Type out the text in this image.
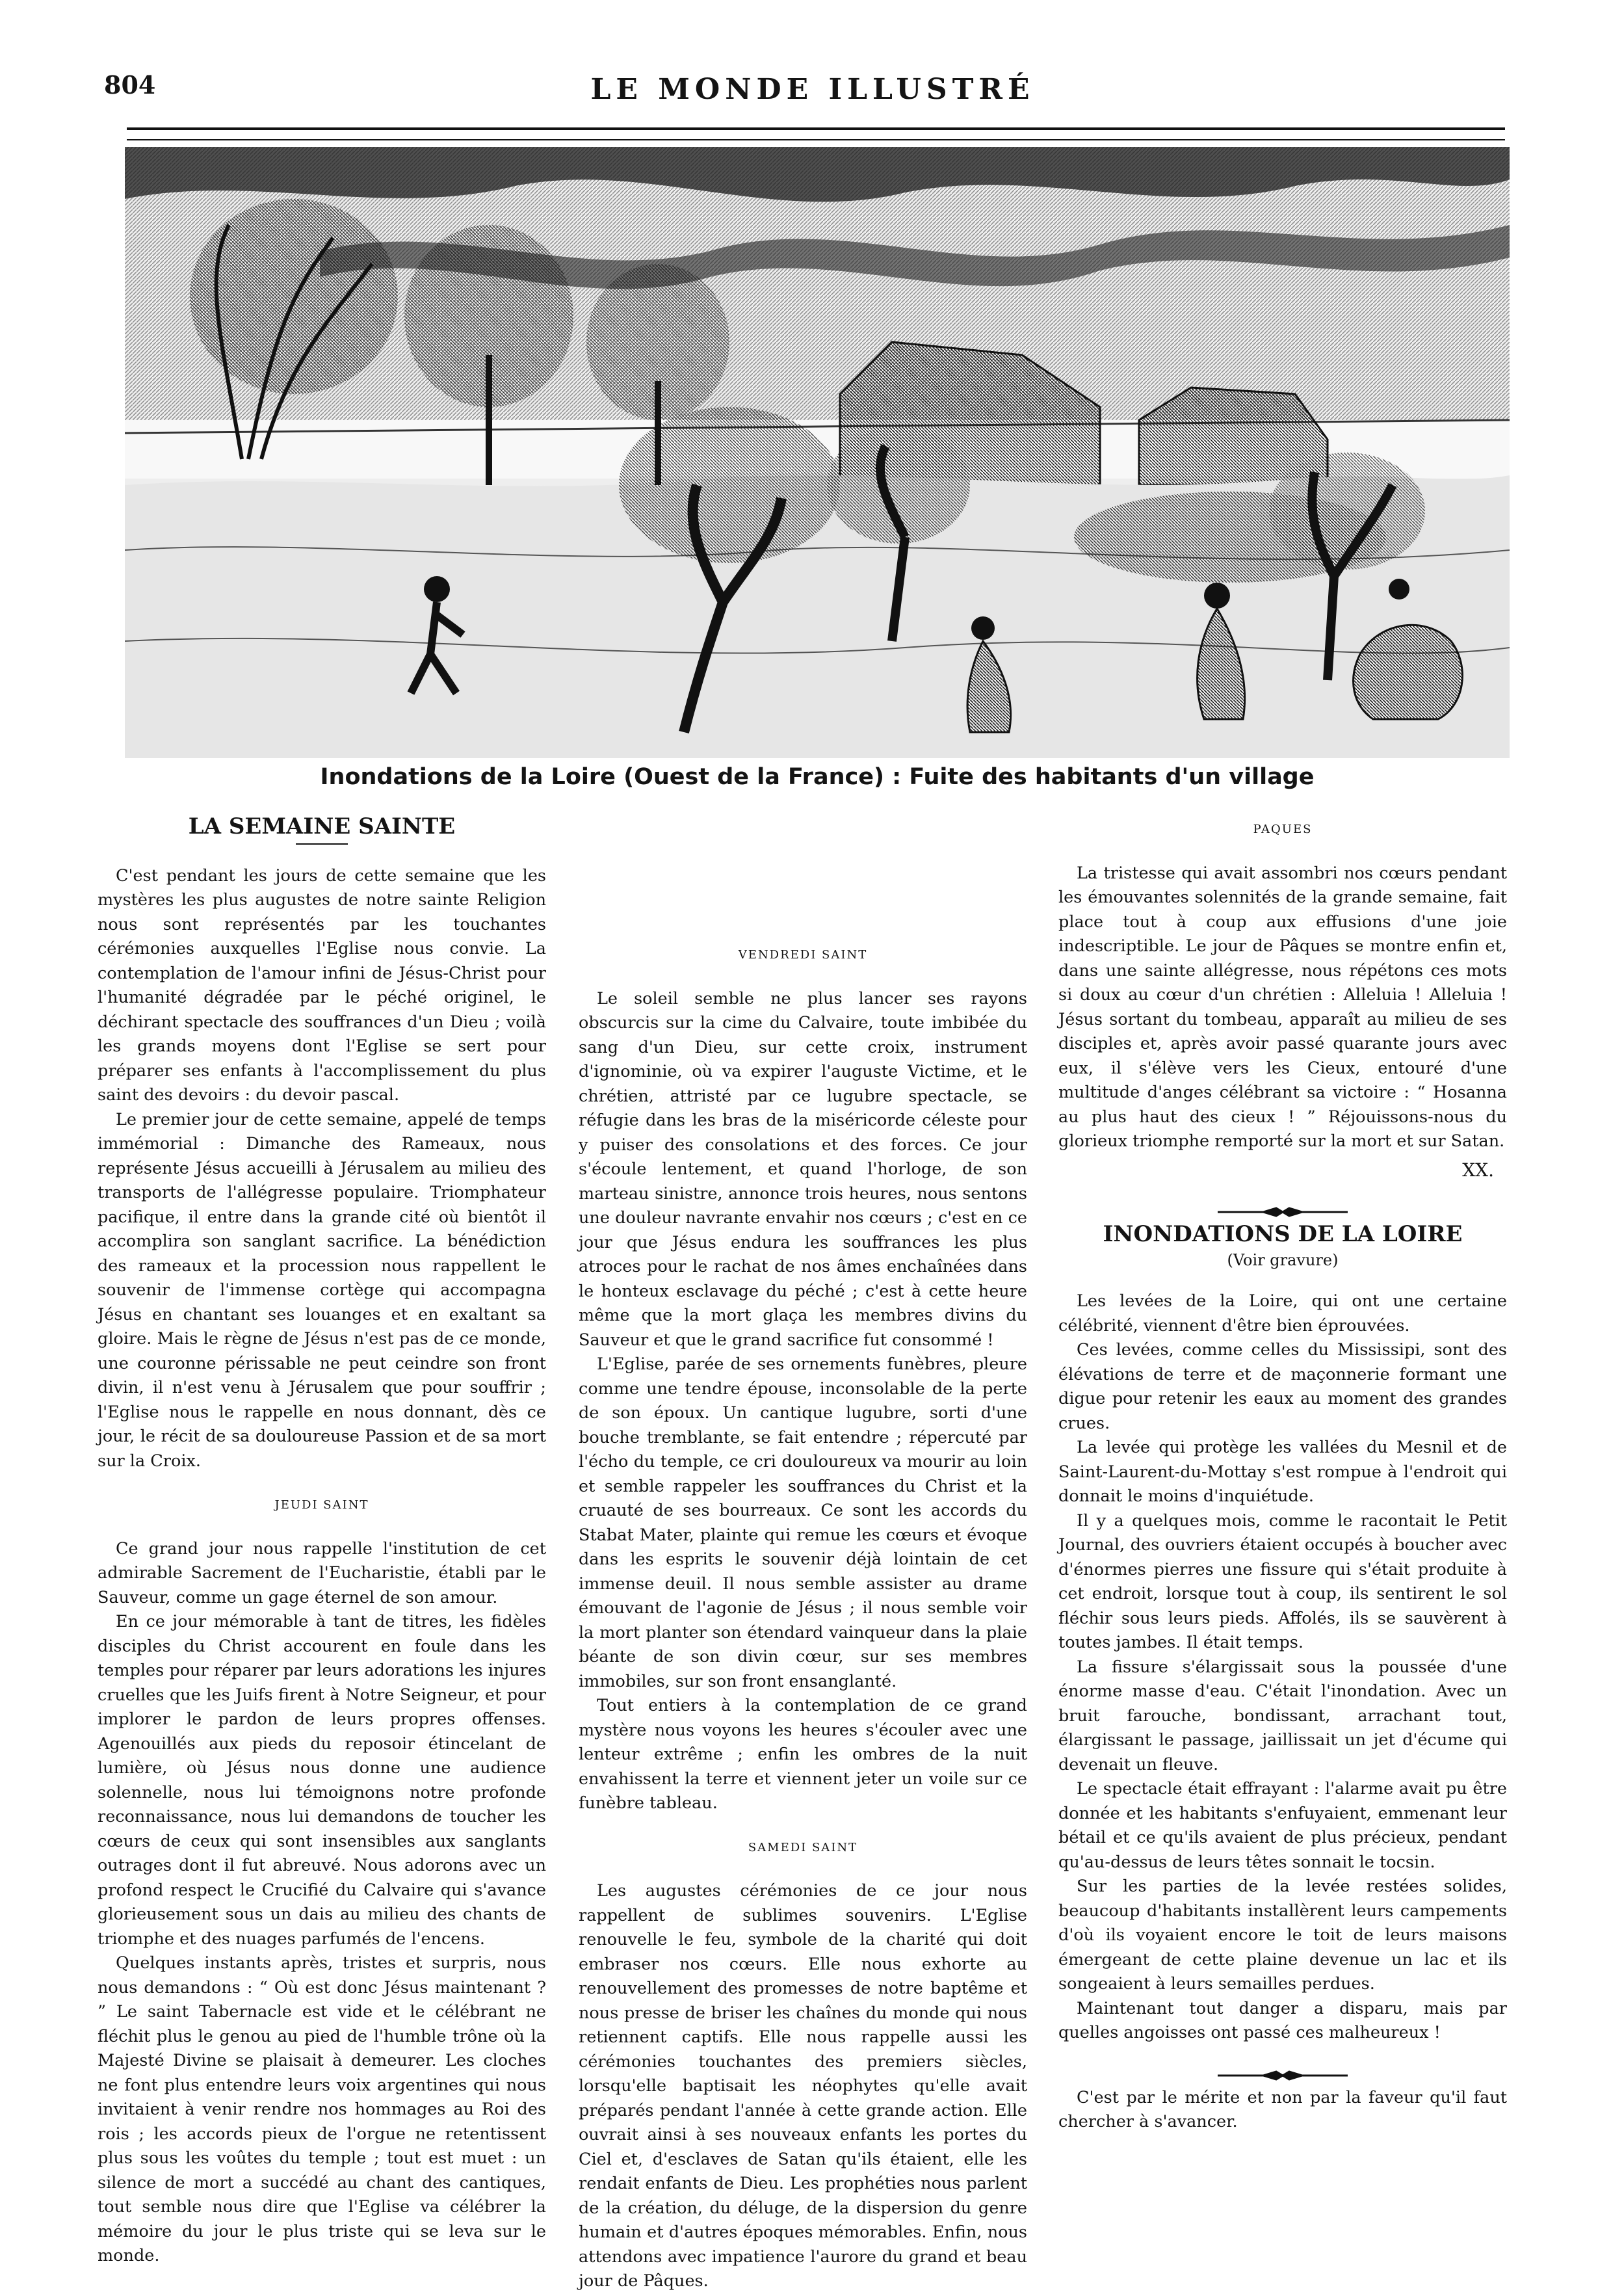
804	LE MONDE ILLUSTRÉ
Inondations de la Loire (Ouest de la France) : Fuite des habitants d'un village
LA SEMAINE SAINTE

C'est pendant les jours de cette semaine que les mystères les plus augustes de notre sainte Religion nous sont représentés par les touchantes cérémonies auxquelles l'Eglise nous convie. La contemplation de l'amour infini de Jésus-Christ pour l'humanité dégradée par le péché originel, le déchirant spectacle des souffrances d'un Dieu ; voilà les grands moyens dont l'Eglise se sert pour préparer ses enfants à l'accomplissement du plus saint des devoirs : du devoir pascal.

Le premier jour de cette semaine, appelé de temps immémorial : Dimanche des Rameaux, nous représente Jésus accueilli à Jérusalem au milieu des transports de l'allégresse populaire. Triomphateur pacifique, il entre dans la grande cité où bientôt il accomplira son sanglant sacrifice. La bénédiction des rameaux et la procession nous rappellent le souvenir de l'immense cortège qui accompagna Jésus en chantant ses louanges et en exaltant sa gloire. Mais le règne de Jésus n'est pas de ce monde, une couronne périssable ne peut ceindre son front divin, il n'est venu à Jérusalem que pour souffrir ; l'Eglise nous le rappelle en nous donnant, dès ce jour, le récit de sa douloureuse Passion et de sa mort sur la Croix.

JEUDI SAINT

Ce grand jour nous rappelle l'institution de cet admirable Sacrement de l'Eucharistie, établi par le Sauveur, comme un gage éternel de son amour.

En ce jour mémorable à tant de titres, les fidèles disciples du Christ accourent en foule dans les temples pour réparer par leurs adorations les injures cruelles que les Juifs firent à Notre Seigneur, et pour implorer le pardon de leurs propres offenses. Agenouillés aux pieds du reposoir étincelant de lumière, où Jésus nous donne une audience solennelle, nous lui témoignons notre profonde reconnaissance, nous lui demandons de toucher les cœurs de ceux qui sont insensibles aux sanglants outrages dont il fut abreuvé. Nous adorons avec un profond respect le Crucifié du Calvaire qui s'avance glorieusement sous un dais au milieu des chants de triomphe et des nuages parfumés de l'encens.

Quelques instants après, tristes et surpris, nous nous demandons : “ Où est donc Jésus maintenant ? ” Le saint Tabernacle est vide et le célébrant ne fléchit plus le genou au pied de l'humble trône où la Majesté Divine se plaisait à demeurer. Les cloches ne font plus entendre leurs voix argentines qui nous invitaient à venir rendre nos hommages au Roi des rois ; les accords pieux de l'orgue ne retentissent plus sous les voûtes du temple ; tout est muet : un silence de mort a succédé au chant des cantiques, tout semble nous dire que l'Eglise va célébrer la mémoire du jour le plus triste qui se leva sur le monde.

VENDREDI SAINT

Le soleil semble ne plus lancer ses rayons obscurcis sur la cime du Calvaire, toute imbibée du sang d'un Dieu, sur cette croix, instrument d'ignominie, où va expirer l'auguste Victime, et le chrétien, attristé par ce lugubre spectacle, se réfugie dans les bras de la miséricorde céleste pour y puiser des consolations et des forces. Ce jour s'écoule lentement, et quand l'horloge, de son marteau sinistre, annonce trois heures, nous sentons une douleur navrante envahir nos cœurs ; c'est en ce jour que Jésus endura les souffrances les plus atroces pour le rachat de nos âmes enchaînées dans le honteux esclavage du péché ; c'est à cette heure même que la mort glaça les membres divins du Sauveur et que le grand sacrifice fut consommé !

L'Eglise, parée de ses ornements funèbres, pleure comme une tendre épouse, inconsolable de la perte de son époux. Un cantique lugubre, sorti d'une bouche tremblante, se fait entendre ; répercuté par l'écho du temple, ce cri douloureux va mourir au loin et semble rappeler les souffrances du Christ et la cruauté de ses bourreaux. Ce sont les accords du Stabat Mater, plainte qui remue les cœurs et évoque dans les esprits le souvenir déjà lointain de cet immense deuil. Il nous semble assister au drame émouvant de l'agonie de Jésus ; il nous semble voir la mort planter son étendard vainqueur dans la plaie béante de son divin cœur, sur ses membres immobiles, sur son front ensanglanté.

Tout entiers à la contemplation de ce grand mystère nous voyons les heures s'écouler avec une lenteur extrême ; enfin les ombres de la nuit envahissent la terre et viennent jeter un voile sur ce funèbre tableau.

SAMEDI SAINT

Les augustes cérémonies de ce jour nous rappellent de sublimes souvenirs. L'Eglise renouvelle le feu, symbole de la charité qui doit embraser nos cœurs. Elle nous exhorte au renouvellement des promesses de notre baptême et nous presse de briser les chaînes du monde qui nous retiennent captifs. Elle nous rappelle aussi les cérémonies touchantes des premiers siècles, lorsqu'elle baptisait les néophytes qu'elle avait préparés pendant l'année à cette grande action. Elle ouvrait ainsi à ses nouveaux enfants les portes du Ciel et, d'esclaves de Satan qu'ils étaient, elle les rendait enfants de Dieu. Les prophéties nous parlent de la création, du déluge, de la dispersion du genre humain et d'autres époques mémorables. Enfin, nous attendons avec impatience l'aurore du grand et beau jour de Pâques.

PAQUES

La tristesse qui avait assombri nos cœurs pendant les émouvantes solennités de la grande semaine, fait place tout à coup aux effusions d'une joie indescriptible. Le jour de Pâques se montre enfin et, dans une sainte allégresse, nous répétons ces mots si doux au cœur d'un chrétien : Alleluia ! Alleluia ! Jésus sortant du tombeau, apparaît au milieu de ses disciples et, après avoir passé quarante jours avec eux, il s'élève vers les Cieux, entouré d'une multitude d'anges célébrant sa victoire : “ Hosanna au plus haut des cieux ! ” Réjouissons-nous du glorieux triomphe remporté sur la mort et sur Satan.

XX.
INONDATIONS DE LA LOIRE
(Voir gravure)

Les levées de la Loire, qui ont une certaine célébrité, viennent d'être bien éprouvées.

Ces levées, comme celles du Mississipi, sont des élévations de terre et de maçonnerie formant une digue pour retenir les eaux au moment des grandes crues.

La levée qui protège les vallées du Mesnil et de Saint-Laurent-du-Mottay s'est rompue à l'endroit qui donnait le moins d'inquiétude.

Il y a quelques mois, comme le racontait le Petit Journal, des ouvriers étaient occupés à boucher avec d'énormes pierres une fissure qui s'était produite à cet endroit, lorsque tout à coup, ils sentirent le sol fléchir sous leurs pieds. Affolés, ils se sauvèrent à toutes jambes. Il était temps.

La fissure s'élargissait sous la poussée d'une énorme masse d'eau. C'était l'inondation. Avec un bruit farouche, bondissant, arrachant tout, élargissant le passage, jaillissait un jet d'écume qui devenait un fleuve.

Le spectacle était effrayant : l'alarme avait pu être donnée et les habitants s'enfuyaient, emmenant leur bétail et ce qu'ils avaient de plus précieux, pendant qu'au-dessus de leurs têtes sonnait le tocsin.

Sur les parties de la levée restées solides, beaucoup d'habitants installèrent leurs campements d'où ils voyaient encore le toit de leurs maisons émergeant de cette plaine devenue un lac et ils songeaient à leurs semailles perdues.

Maintenant tout danger a disparu, mais par quelles angoisses ont passé ces malheureux !

C'est par le mérite et non par la faveur qu'il faut chercher à s'avancer.
